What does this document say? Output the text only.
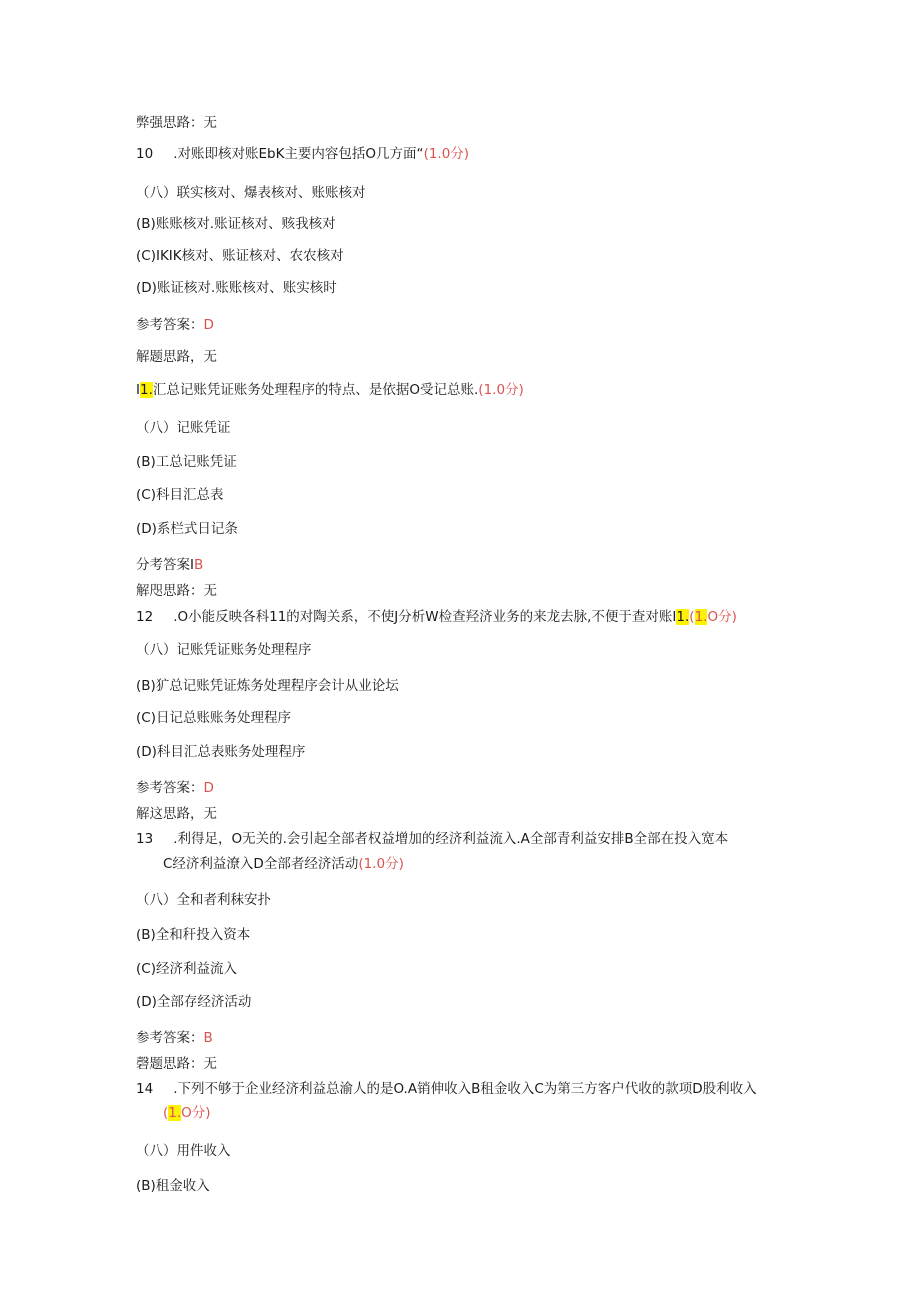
弊强思路：无
10 .对账即核对账EbK主要内容包括O几方面“(1.0分)
（八）联实核对、爆表核对、账账核对
(B)账账核对.账证核对、赅我核对
(C)IKIK核对、账证核对、农农核对
(D)账证核对.账账核对、账实核时
参考答案：D
解题思路，无
I1.汇总记账凭证账务处理程序的特点、是依据O受记总账.(1.0分)
（八）记账凭证
(B)工总记账凭证
(C)科目汇总表
(D)系栏式日记条
分考答案IB
解咫思路：无
12 .O小能反映各科11的对陶关系，不使J分析W检查羟济业务的来龙去脉,不便于查对账I1.(1.O分)
（八）记账凭证账务处理程序
(B)犷总记账凭证炼务处理程序会计从业论坛
(C)日记总账账务处理程序
(D)科目汇总表账务处理程序
参考答案：D
解这思路，无
13 .利得足，O无关的.会引起全部者权益增加的经济利益流入.A全部青利益安排B全部在投入宽本
C经济利益潦入D全部者经济活动(1.0分)
（八）全和者利秣安扑
(B)全和秆投入资本
(C)经济利益流入
(D)全部存经济活动
参考答案：B
磬题思路：无
14 .下列不够于企业经济利益总渝人的是O.A销伸收入B租金收入C为第三方客户代收的款项D股利收入
(1.O分)
（八）用件收入
(B)租金收入
